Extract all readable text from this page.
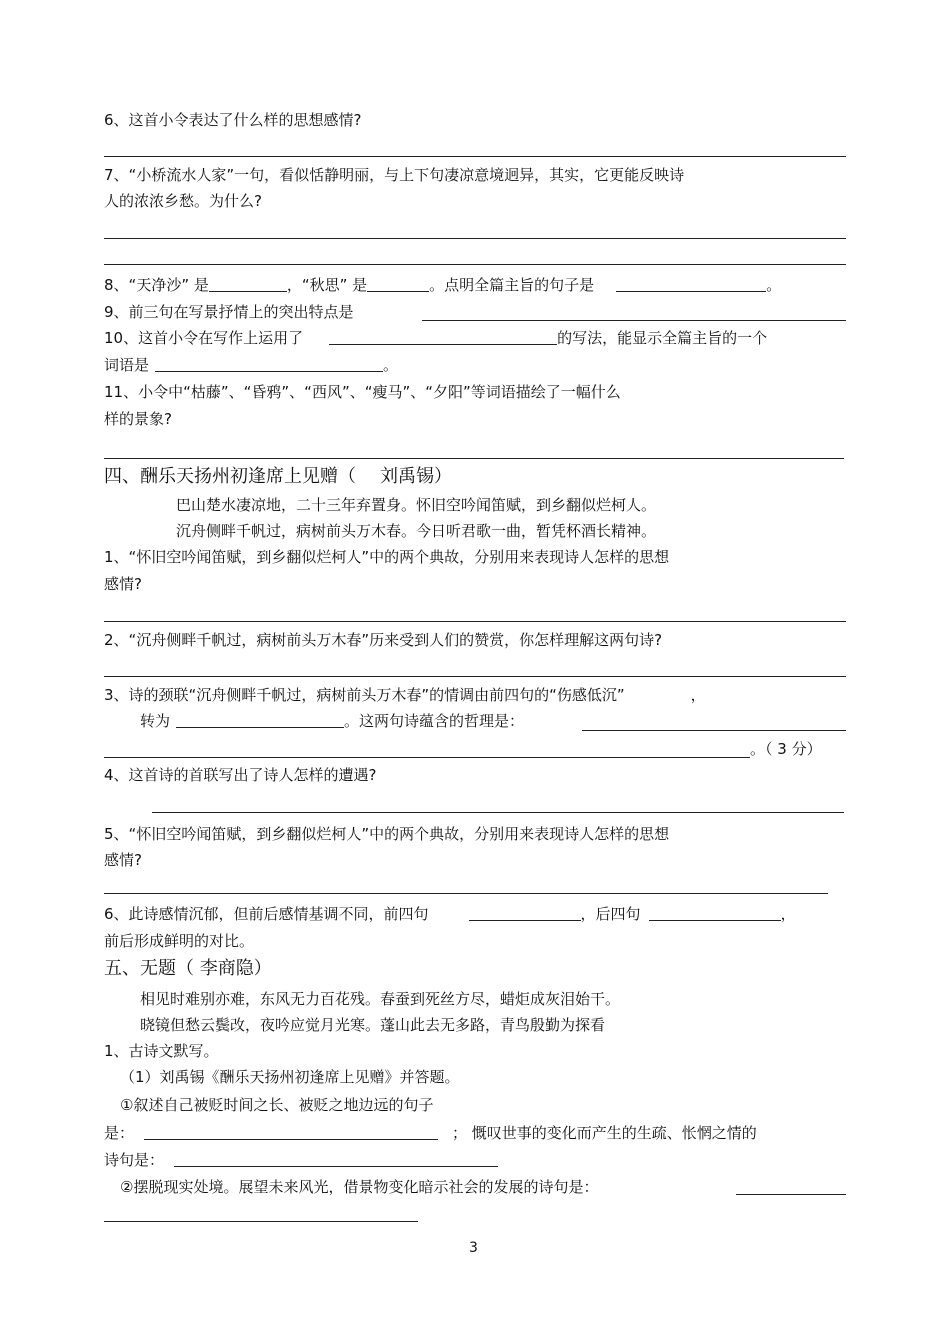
6、这首小令表达了什么样的思想感情?
7、“小桥流水人家”一句，看似恬静明丽，与上下句凄凉意境迥异，其实，它更能反映诗
人的浓浓乡愁。为什么?
8、“天净沙” 是	，“秋思” 是	。点明全篇主旨的句子是	。
9、前三句在写景抒情上的突出特点是
10、这首小令在写作上运用了	的写法，能显示全篇主旨的一个
词语是	。
11、小令中“枯藤”、“昏鸦”、“西风”、“瘦马”、“夕阳”等词语描绘了一幅什么
样的景象?
四、酬乐天扬州初逢席上见赠（ 刘禹锡）
巴山楚水凄凉地，二十三年弃置身。怀旧空吟闻笛赋，到乡翻似烂柯人。
沉舟侧畔千帆过，病树前头万木春。今日听君歌一曲，暂凭杯酒长精神。
1、“怀旧空吟闻笛赋，到乡翻似烂柯人”中的两个典故，分别用来表现诗人怎样的思想
感情?
2、“沉舟侧畔千帆过，病树前头万木春”历来受到人们的赞赏，你怎样理解这两句诗?
3、诗的颈联“沉舟侧畔千帆过，病树前头万木春”的情调由前四句的“伤感低沉”	，
转为	。这两句诗蕴含的哲理是：
。（ 3 分）
4、这首诗的首联写出了诗人怎样的遭遇?
5、“怀旧空吟闻笛赋，到乡翻似烂柯人”中的两个典故，分别用来表现诗人怎样的思想
感情?
6、此诗感情沉郁，但前后感情基调不同，前四句	，后四句	，
前后形成鲜明的对比。
五、无题（ 李商隐）
相见时难别亦难，东风无力百花残。春蚕到死丝方尽，蜡炬成灰泪始干。
晓镜但愁云鬓改，夜吟应觉月光寒。蓬山此去无多路，青鸟殷勤为探看
1、古诗文默写。
（1）刘禹锡《酬乐天扬州初逢席上见赠》并答题。
①叙述自己被贬时间之长、被贬之地边远的句子
是：	； 慨叹世事的变化而产生的生疏、怅惘之情的
诗句是：
②摆脱现实处境。展望未来风光，借景物变化暗示社会的发展的诗句是：
3
